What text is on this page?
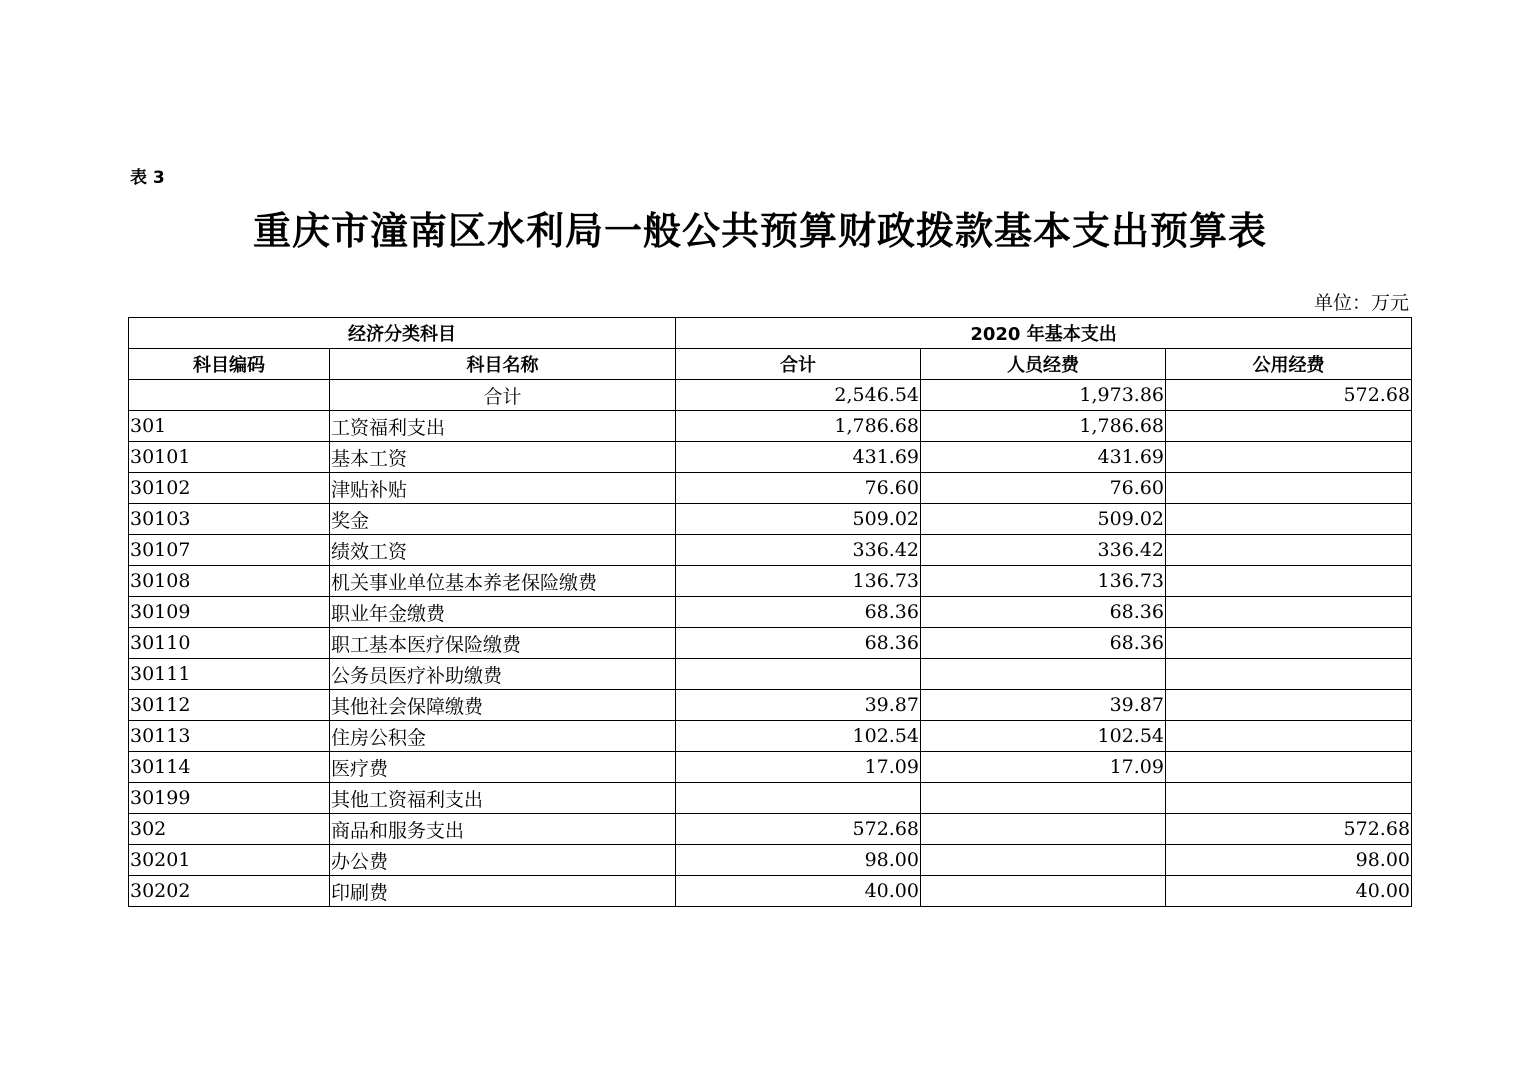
表 3
重庆市潼南区水利局一般公共预算财政拨款基本支出预算表
单位：万元
经济分类科目		2020 年基本支出		
科目编码	科目名称	合计	人员经费	公用经费
	合计	2,546.54	1,973.86	572.68
301	工资福利支出	1,786.68	1,786.68	
30101	基本工资	431.69	431.69	
30102	津贴补贴	76.60	76.60	
30103	奖金	509.02	509.02	
30107	绩效工资	336.42	336.42	
30108	机关事业单位基本养老保险缴费	136.73	136.73	
30109	职业年金缴费	68.36	68.36	
30110	职工基本医疗保险缴费	68.36	68.36	
30111	公务员医疗补助缴费			
30112	其他社会保障缴费	39.87	39.87	
30113	住房公积金	102.54	102.54	
30114	医疗费	17.09	17.09	
30199	其他工资福利支出			
302	商品和服务支出	572.68		572.68
30201	办公费	98.00		98.00
30202	印刷费	40.00		40.00
